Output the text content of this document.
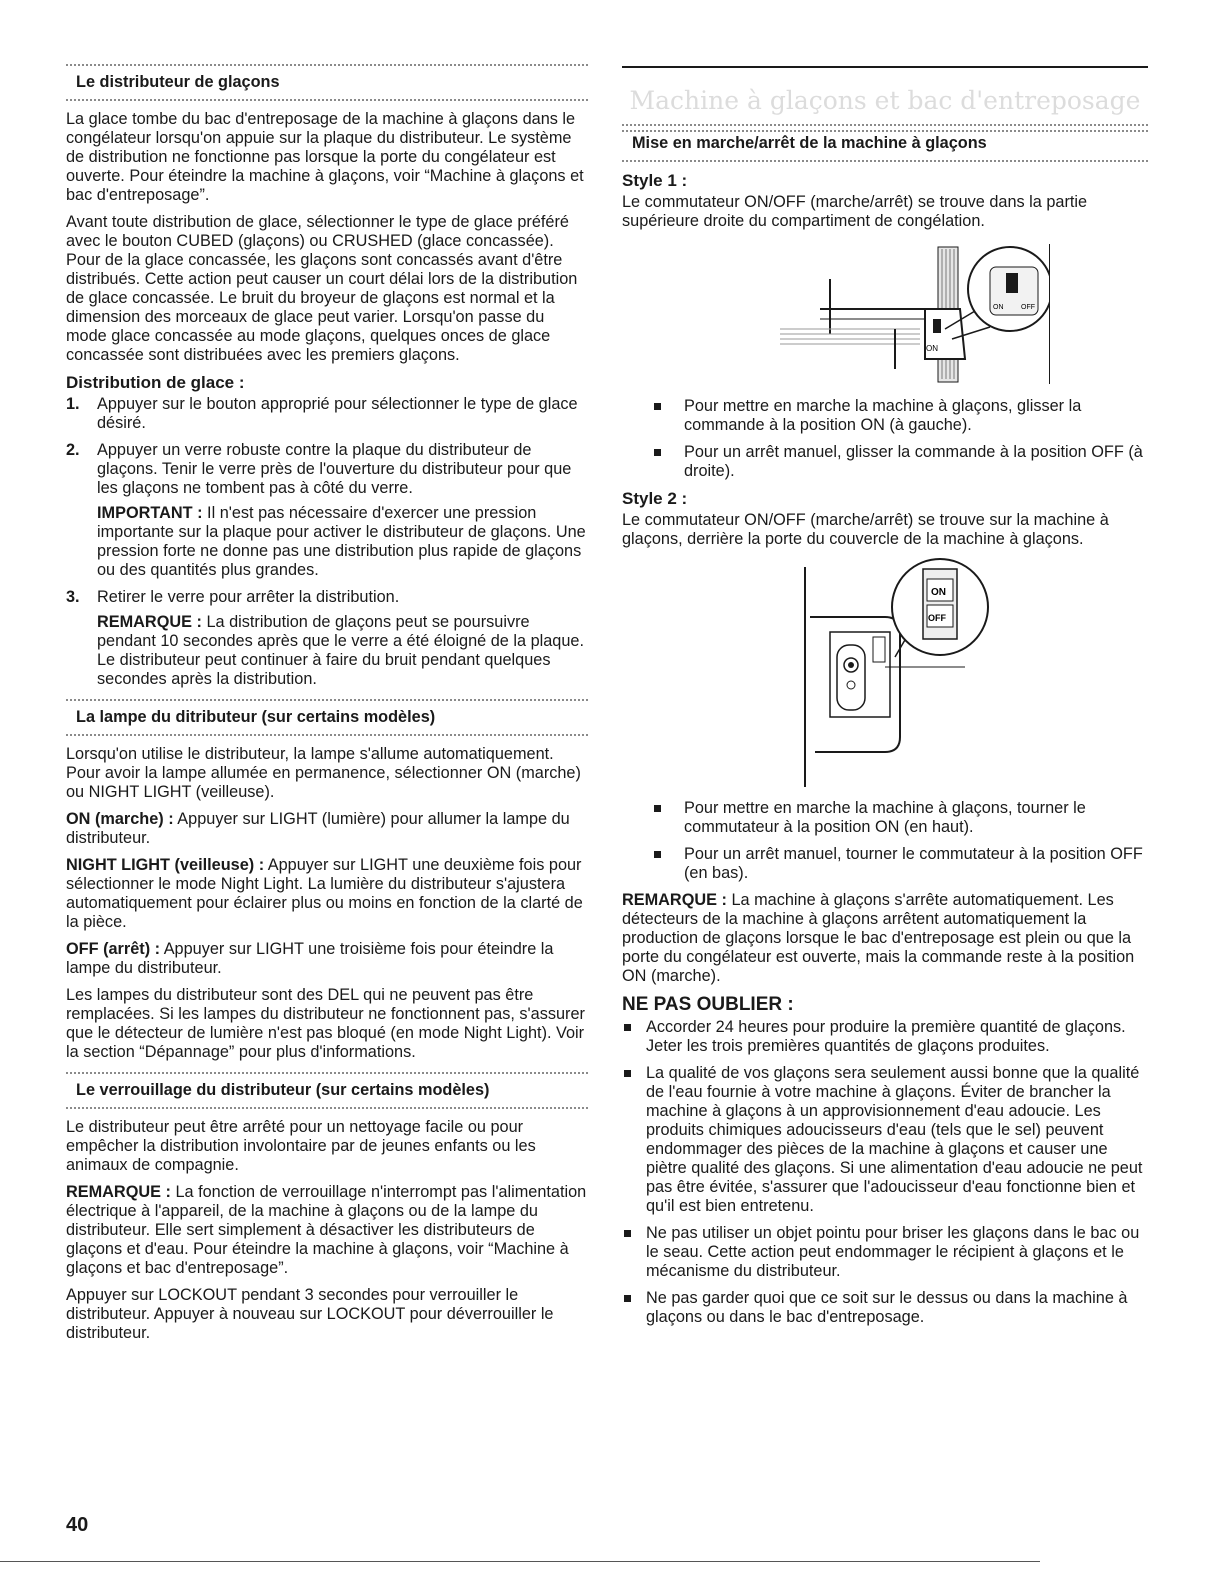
Le distributeur de glaçons

La glace tombe du bac d'entreposage de la machine à glaçons dans le congélateur lorsqu'on appuie sur la plaque du distributeur. Le système de distribution ne fonctionne pas lorsque la porte du congélateur est ouverte. Pour éteindre la machine à glaçons, voir “Machine à glaçons et bac d'entreposage”.

Avant toute distribution de glace, sélectionner le type de glace préféré avec le bouton CUBED (glaçons) ou CRUSHED (glace concassée). Pour de la glace concassée, les glaçons sont concassés avant d'être distribués. Cette action peut causer un court délai lors de la distribution de glace concassée. Le bruit du broyeur de glaçons est normal et la dimension des morceaux de glace peut varier. Lorsqu'on passe du mode glace concassée au mode glaçons, quelques onces de glace concassée sont distribuées avec les premiers glaçons.

Distribution de glace :
1. Appuyer sur le bouton approprié pour sélectionner le type de glace désiré.

2. Appuyer un verre robuste contre la plaque du distributeur de glaçons. Tenir le verre près de l'ouverture du distributeur pour que les glaçons ne tombent pas à côté du verre.

IMPORTANT : Il n'est pas nécessaire d'exercer une pression importante sur la plaque pour activer le distributeur de glaçons. Une pression forte ne donne pas une distribution plus rapide de glaçons ou des quantités plus grandes.

3. Retirer le verre pour arrêter la distribution.

REMARQUE : La distribution de glaçons peut se poursuivre pendant 10 secondes après que le verre a été éloigné de la plaque. Le distributeur peut continuer à faire du bruit pendant quelques secondes après la distribution.

La lampe du ditributeur (sur certains modèles)

Lorsqu'on utilise le distributeur, la lampe s'allume automatiquement. Pour avoir la lampe allumée en permanence, sélectionner ON (marche) ou NIGHT LIGHT (veilleuse).

ON (marche) : Appuyer sur LIGHT (lumière) pour allumer la lampe du distributeur.

NIGHT LIGHT (veilleuse) : Appuyer sur LIGHT une deuxième fois pour sélectionner le mode Night Light. La lumière du distributeur s'ajustera automatiquement pour éclairer plus ou moins en fonction de la clarté de la pièce.

OFF (arrêt) : Appuyer sur LIGHT une troisième fois pour éteindre la lampe du distributeur.

Les lampes du distributeur sont des DEL qui ne peuvent pas être remplacées. Si les lampes du distributeur ne fonctionnent pas, s'assurer que le détecteur de lumière n'est pas bloqué (en mode Night Light). Voir la section “Dépannage” pour plus d'informations.

Le verrouillage du distributeur (sur certains modèles)

Le distributeur peut être arrêté pour un nettoyage facile ou pour empêcher la distribution involontaire par de jeunes enfants ou les animaux de compagnie.

REMARQUE : La fonction de verrouillage n'interrompt pas l'alimentation électrique à l'appareil, de la machine à glaçons ou de la lampe du distributeur. Elle sert simplement à désactiver les distributeurs de glaçons et d'eau. Pour éteindre la machine à glaçons, voir “Machine à glaçons et bac d'entreposage”.

Appuyer sur LOCKOUT pendant 3 secondes pour verrouiller le distributeur. Appuyer à nouveau sur LOCKOUT pour déverrouiller le distributeur.

Machine à glaçons et bac d'entreposage
Mise en marche/arrêt de la machine à glaçons
Style 1 :

Le commutateur ON/OFF (marche/arrêt) se trouve dans la partie supérieure droite du compartiment de congélation.

ON
ON	OFF

Pour mettre en marche la machine à glaçons, glisser la commande à la position ON (à gauche).

Pour un arrêt manuel, glisser la commande à la position OFF (à droite).

Style 2 :

Le commutateur ON/OFF (marche/arrêt) se trouve sur la machine à glaçons, derrière la porte du couvercle de la machine à glaçons.

ON
OFF

Pour mettre en marche la machine à glaçons, tourner le commutateur à la position ON (en haut).

Pour un arrêt manuel, tourner le commutateur à la position OFF (en bas).

REMARQUE : La machine à glaçons s'arrête automatiquement. Les détecteurs de la machine à glaçons arrêtent automatiquement la production de glaçons lorsque le bac d'entreposage est plein ou que la porte du congélateur est ouverte, mais la commande reste à la position ON (marche).

NE PAS OUBLIER :

Accorder 24 heures pour produire la première quantité de glaçons. Jeter les trois premières quantités de glaçons produites.

La qualité de vos glaçons sera seulement aussi bonne que la qualité de l'eau fournie à votre machine à glaçons. Éviter de brancher la machine à glaçons à un approvisionnement d'eau adoucie. Les produits chimiques adoucisseurs d'eau (tels que le sel) peuvent endommager des pièces de la machine à glaçons et causer une piètre qualité des glaçons. Si une alimentation d'eau adoucie ne peut pas être évitée, s'assurer que l'adoucisseur d'eau fonctionne bien et qu'il est bien entretenu.

Ne pas utiliser un objet pointu pour briser les glaçons dans le bac ou le seau. Cette action peut endommager le récipient à glaçons et le mécanisme du distributeur.

Ne pas garder quoi que ce soit sur le dessus ou dans la machine à glaçons ou dans le bac d'entreposage.

40
